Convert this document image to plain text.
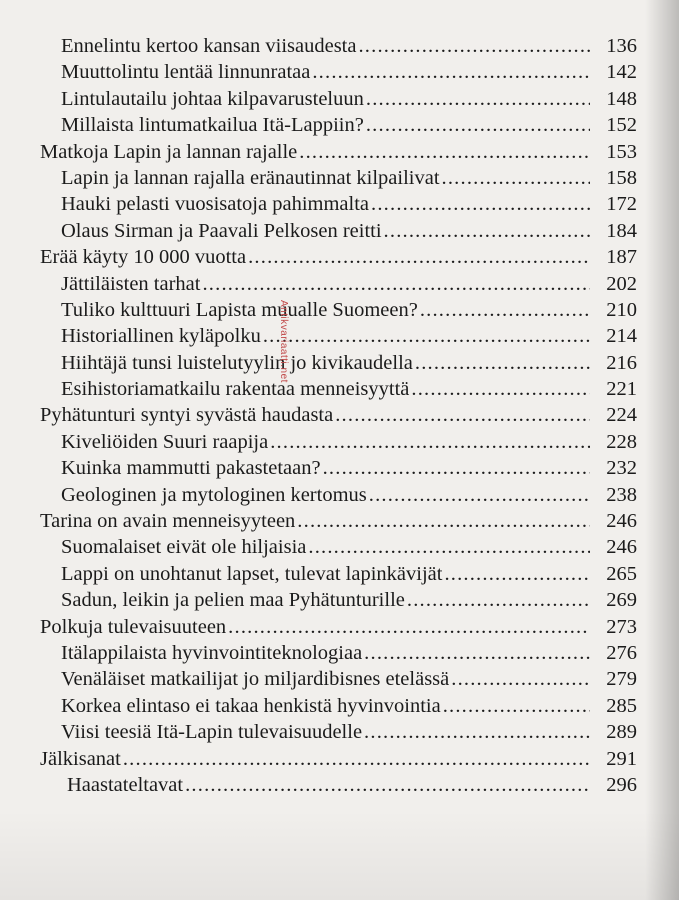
Ennelintu kertoo kansan viisaudesta .....	136
Muuttolintu lentää linnunrataa .....	142
Lintulautailu johtaa kilpavarusteluun .....	148
Millaista lintumatkailua Itä-Lappiin? .....	152
Matkoja Lapin ja lannan rajalle .....	153
Lapin ja lannan rajalla eränautinnat kilpailivat .....	158
Hauki pelasti vuosisatoja pahimmalta .....	172
Olaus Sirman ja Paavali Pelkosen reitti .....	184
Erää käyty 10 000 vuotta .....	187
Jättiläisten tarhat .....	202
Tuliko kulttuuri Lapista muualle Suomeen? .....	210
Historiallinen kyläpolku .....	214
Hiihtäjä tunsi luistelutyylin jo kivikaudella .....	216
Esihistoriamatkailu rakentaa menneisyyttä .....	221
Pyhätunturi syntyi syvästä haudasta .....	224
Kiveliöiden Suuri raapija .....	228
Kuinka mammutti pakastetaan? .....	232
Geologinen ja mytologinen kertomus .....	238
Tarina on avain menneisyyteen .....	246
Suomalaiset eivät ole hiljaisia .....	246
Lappi on unohtanut lapset, tulevat lapinkävijät .....	265
Sadun, leikin ja pelien maa Pyhätunturille .....	269
Polkuja tulevaisuuteen .....	273
Itälappilaista hyvinvointiteknologiaa .....	276
Venäläiset matkailijat jo miljardibisnes etelässä .....	279
Korkea elintaso ei takaa henkistä hyvinvointia .....	285
Viisi teesiä Itä-Lapin tulevaisuudelle .....	289
Jälkisanat .....	291
Haastateltavat .....	296
Antikvariaatti.net
